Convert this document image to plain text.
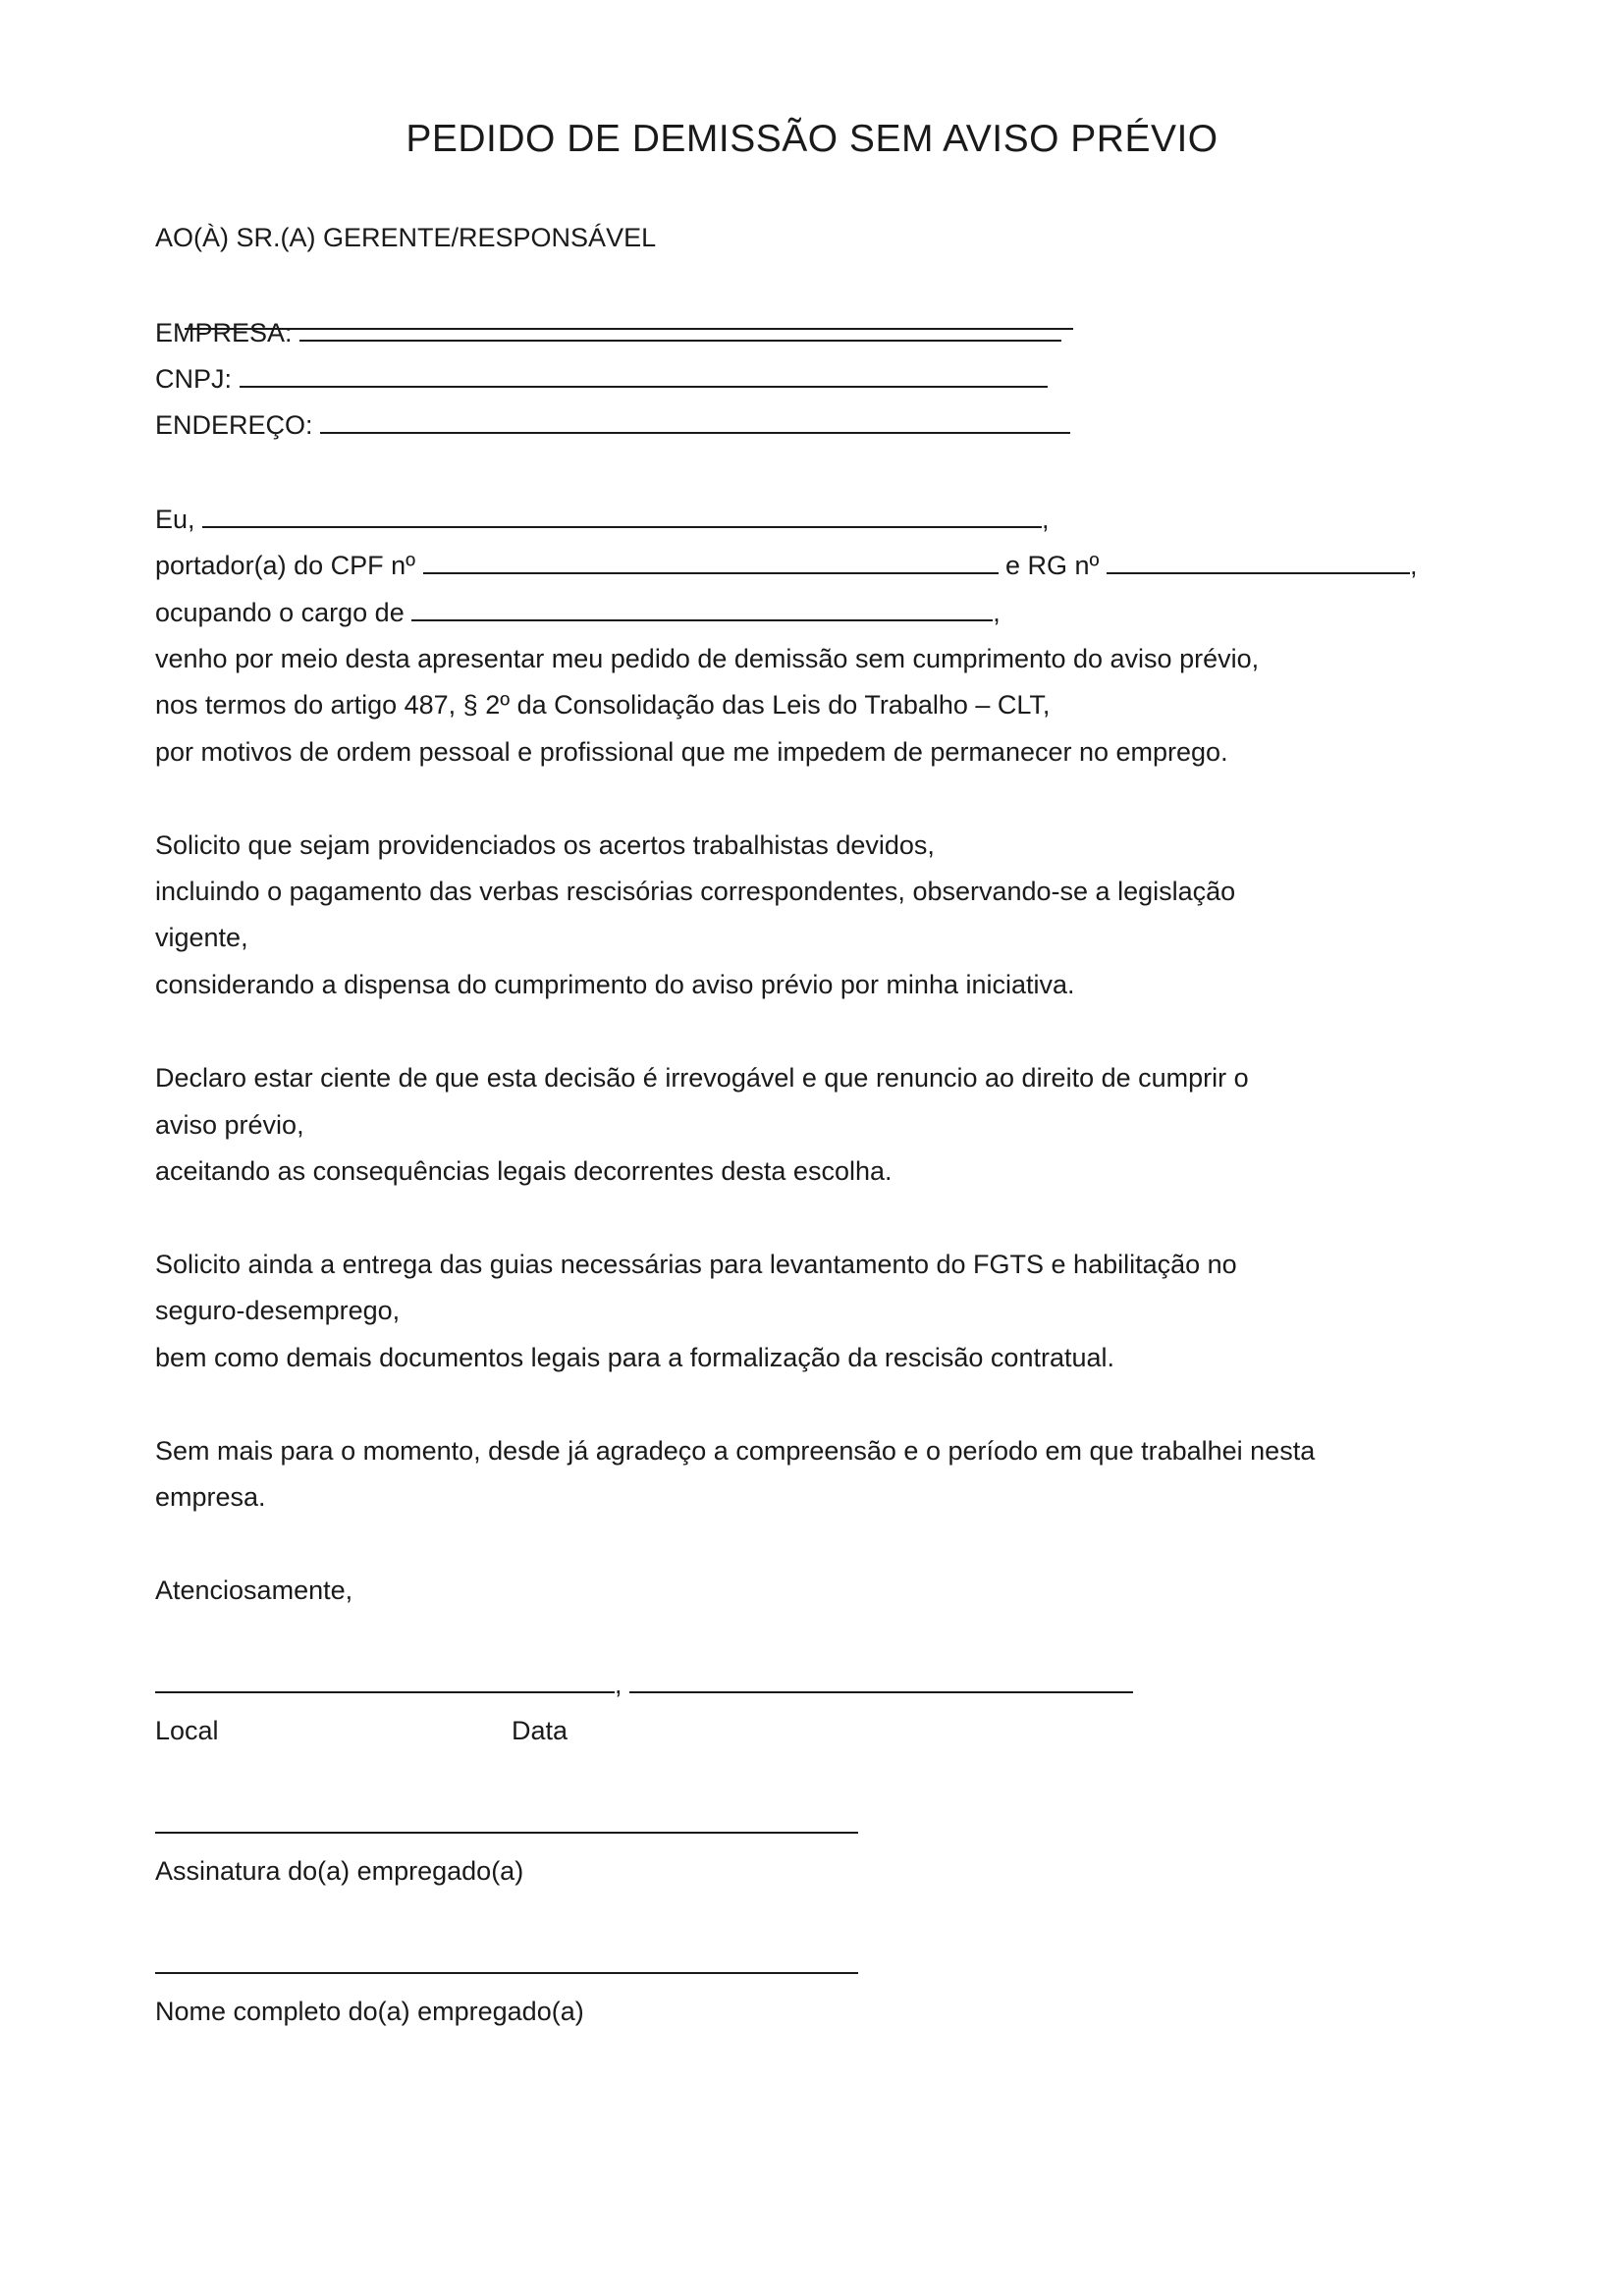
PEDIDO DE DEMISSÃO SEM AVISO PRÉVIO
AO(À) SR.(A) GERENTE/RESPONSÁVEL

EMPRESA:
CNPJ:
ENDEREÇO:
Eu,	,
portador(a) do CPF nº	e RG nº	,
ocupando o cargo de	,
venho por meio desta apresentar meu pedido de demissão sem cumprimento do aviso prévio,
nos termos do artigo 487, § 2º da Consolidação das Leis do Trabalho – CLT,
por motivos de ordem pessoal e profissional que me impedem de permanecer no emprego.
Solicito que sejam providenciados os acertos trabalhistas devidos,
incluindo o pagamento das verbas rescisórias correspondentes, observando-se a legislação
vigente,
considerando a dispensa do cumprimento do aviso prévio por minha iniciativa.
Declaro estar ciente de que esta decisão é irrevogável e que renuncio ao direito de cumprir o
aviso prévio,
aceitando as consequências legais decorrentes desta escolha.
Solicito ainda a entrega das guias necessárias para levantamento do FGTS e habilitação no
seguro-desemprego,
bem como demais documentos legais para a formalização da rescisão contratual.
Sem mais para o momento, desde já agradeço a compreensão e o período em que trabalhei nesta
empresa.
Atenciosamente,
,
Local	Data
Assinatura do(a) empregado(a)
Nome completo do(a) empregado(a)
